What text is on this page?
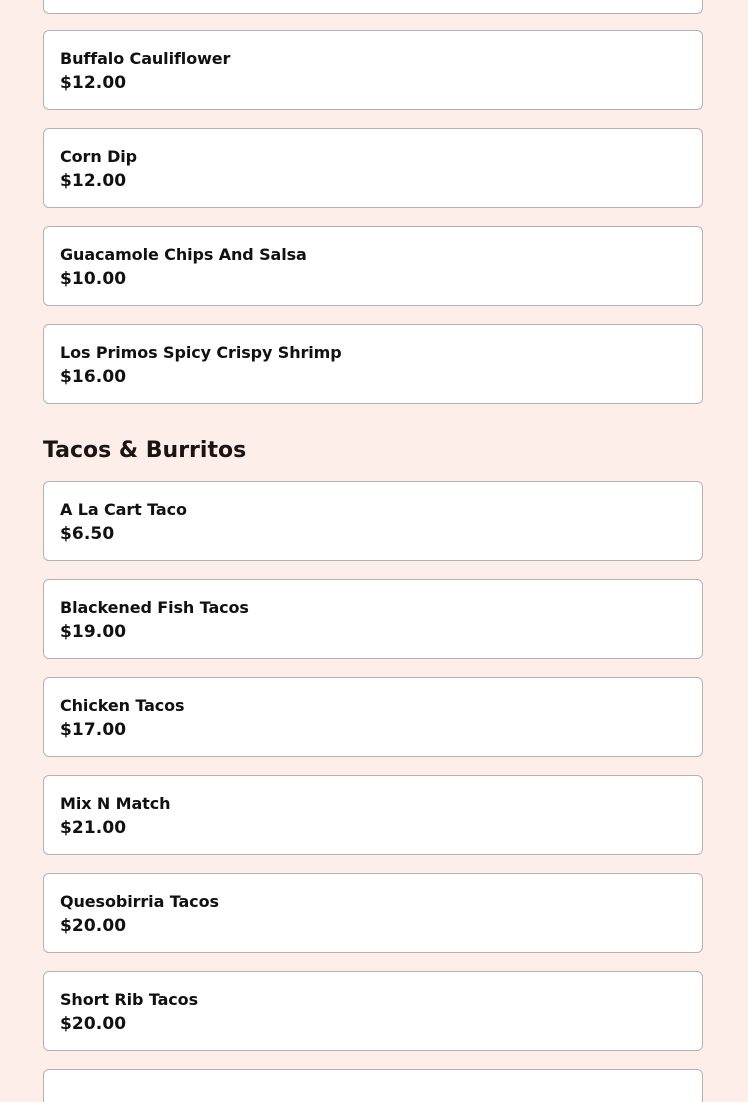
Buffalo Cauliflower
$12.00
Corn Dip
$12.00
Guacamole Chips And Salsa
$10.00
Los Primos Spicy Crispy Shrimp
$16.00
Tacos & Burritos
A La Cart Taco
$6.50
Blackened Fish Tacos
$19.00
Chicken Tacos
$17.00
Mix N Match
$21.00
Quesobirria Tacos
$20.00
Short Rib Tacos
$20.00
